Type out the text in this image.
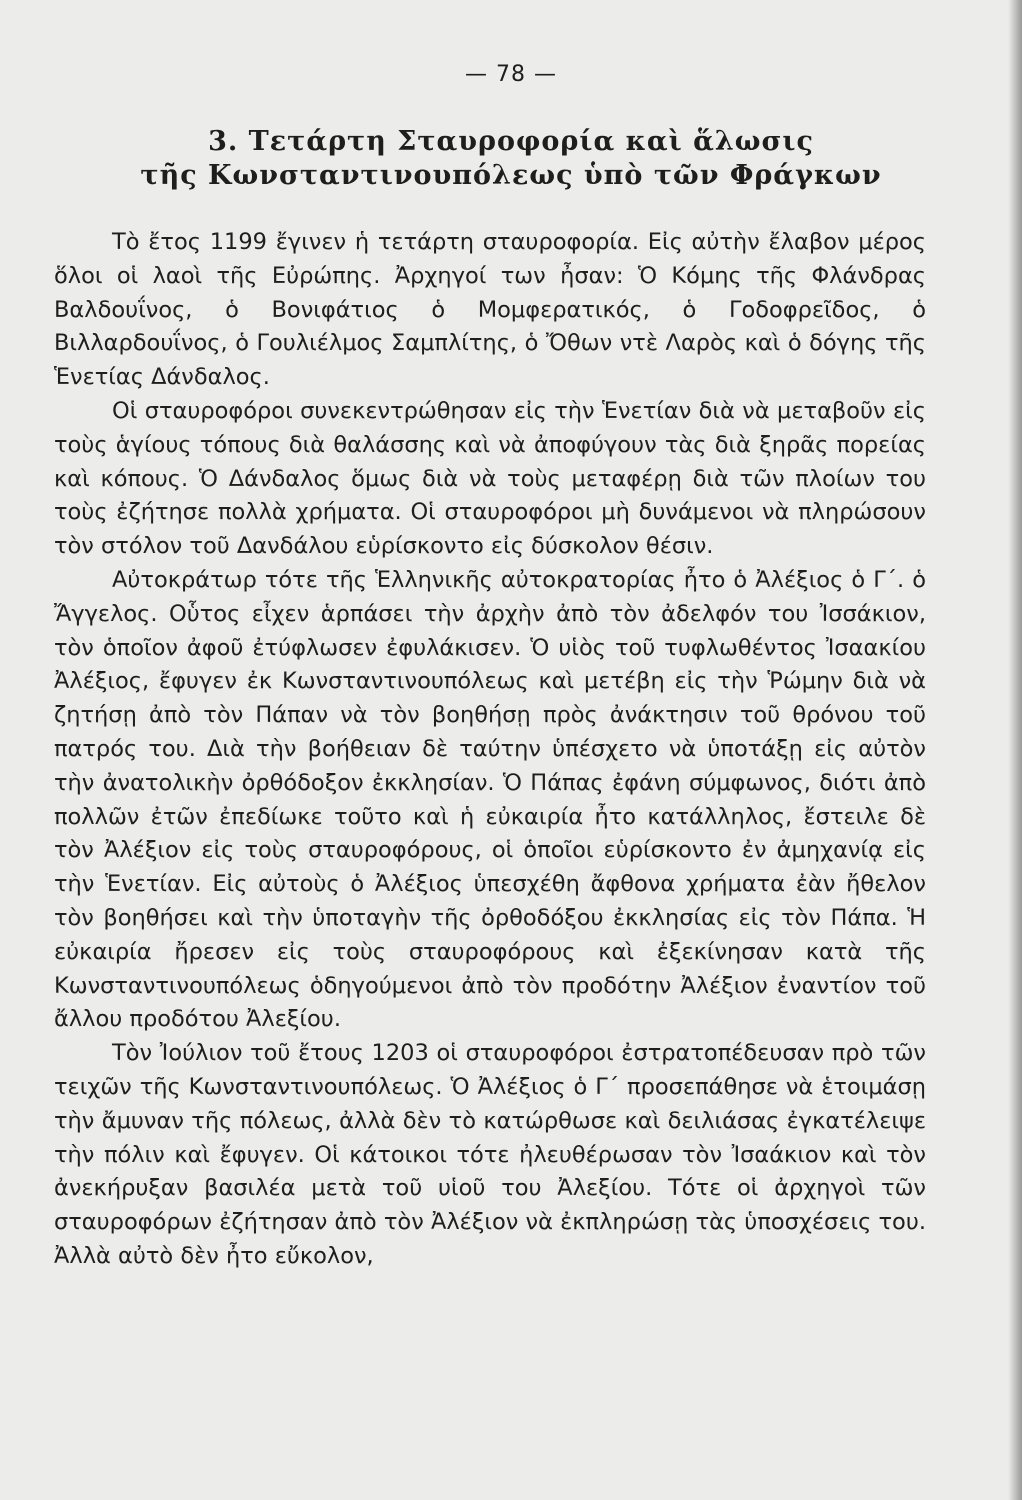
— 78 —
3. Τετάρτη Σταυροφορία καὶ ἅλωσις
τῆς Κωνσταντινουπόλεως ὑπὸ τῶν Φράγκων

Τὸ ἔτος 1199 ἔγινεν ἡ τετάρτη σταυροφορία. Εἰς αὐτὴν ἔλαβον μέρος ὅλοι οἱ λαοὶ τῆς Εὐρώπης. Ἀρχηγοί των ἦσαν: Ὁ Κόμης τῆς Φλάνδρας Βαλδουΐνος, ὁ Βονιφάτιος ὁ Μομφερατικός, ὁ Γοδοφρεῖδος, ὁ Βιλλαρδουΐνος, ὁ Γουλιέλμος Σαμπλίτης, ὁ Ὄθων ντὲ Λαρὸς καὶ ὁ δόγης τῆς Ἑνετίας Δάνδαλος.

Οἱ σταυροφόροι συνεκεντρώθησαν εἰς τὴν Ἑνετίαν διὰ νὰ μεταβοῦν εἰς τοὺς ἁγίους τόπους διὰ θαλάσσης καὶ νὰ ἀποφύγουν τὰς διὰ ξηρᾶς πορείας καὶ κόπους. Ὁ Δάνδαλος ὅμως διὰ νὰ τοὺς μεταφέρῃ διὰ τῶν πλοίων του τοὺς ἐζήτησε πολλὰ χρήματα. Οἱ σταυροφόροι μὴ δυνάμενοι νὰ πληρώσουν τὸν στόλον τοῦ Δανδάλου εὑρίσκοντο εἰς δύσκολον θέσιν.

Αὐτοκράτωρ τότε τῆς Ἑλληνικῆς αὐτοκρατορίας ἦτο ὁ Ἀλέξιος ὁ Γ΄. ὁ Ἄγγελος. Οὗτος εἶχεν ἁρπάσει τὴν ἀρχὴν ἀπὸ τὸν ἀδελφόν του Ἰσσάκιον, τὸν ὁποῖον ἀφοῦ ἐτύφλωσεν ἐφυλάκισεν. Ὁ υἱὸς τοῦ τυφλωθέντος Ἰσαακίου Ἀλέξιος, ἔφυγεν ἐκ Κωνσταντινουπόλεως καὶ μετέβη εἰς τὴν Ῥώμην διὰ νὰ ζητήσῃ ἀπὸ τὸν Πάπαν νὰ τὸν βοηθήσῃ πρὸς ἀνάκτησιν τοῦ θρόνου τοῦ πατρός του. Διὰ τὴν βοήθειαν δὲ ταύτην ὑπέσχετο νὰ ὑποτάξῃ εἰς αὐτὸν τὴν ἀνατολικὴν ὀρθόδοξον ἐκκλησίαν. Ὁ Πάπας ἐφάνη σύμφωνος, διότι ἀπὸ πολλῶν ἐτῶν ἐπεδίωκε τοῦτο καὶ ἡ εὐκαιρία ἦτο κατάλληλος, ἔστειλε δὲ τὸν Ἀλέξιον εἰς τοὺς σταυροφόρους, οἱ ὁποῖοι εὑρίσκοντο ἐν ἀμηχανίᾳ εἰς τὴν Ἑνετίαν. Εἰς αὐτοὺς ὁ Ἀλέξιος ὑπεσχέθη ἄφθονα χρήματα ἐὰν ἤθελον τὸν βοηθήσει καὶ τὴν ὑποταγὴν τῆς ὀρθοδόξου ἐκκλησίας εἰς τὸν Πάπα. Ἡ εὐκαιρία ἤρεσεν εἰς τοὺς σταυροφόρους καὶ ἐξεκίνησαν κατὰ τῆς Κωνσταντινουπόλεως ὁδηγούμενοι ἀπὸ τὸν προδότην Ἀλέξιον ἐναντίον τοῦ ἄλλου προδότου Ἀλεξίου.

Τὸν Ἰούλιον τοῦ ἔτους 1203 οἱ σταυροφόροι ἐστρατοπέδευσαν πρὸ τῶν τειχῶν τῆς Κωνσταντινουπόλεως. Ὁ Ἀλέξιος ὁ Γ΄ προσεπάθησε νὰ ἑτοιμάσῃ τὴν ἄμυναν τῆς πόλεως, ἀλλὰ δὲν τὸ κατώρθωσε καὶ δειλιάσας ἐγκατέλειψε τὴν πόλιν καὶ ἔφυγεν. Οἱ κάτοικοι τότε ἠλευθέρωσαν τὸν Ἰσαάκιον καὶ τὸν ἀνεκήρυξαν βασιλέα μετὰ τοῦ υἱοῦ του Ἀλεξίου. Τότε οἱ ἀρχηγοὶ τῶν σταυροφόρων ἐζήτησαν ἀπὸ τὸν Ἀλέξιον νὰ ἐκπληρώσῃ τὰς ὑποσχέσεις του. Ἀλλὰ αὐτὸ δὲν ἦτο εὔκολον,
